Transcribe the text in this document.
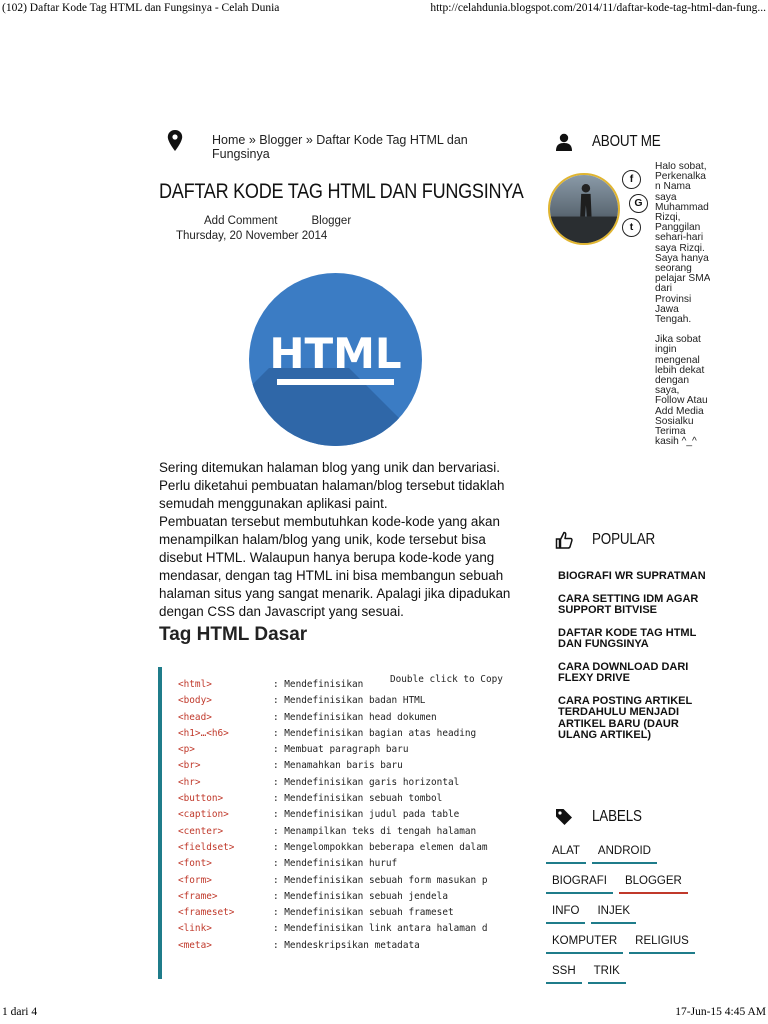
(102) Daftar Kode Tag HTML dan Fungsinya - Celah Dunia	http://celahdunia.blogspot.com/2014/11/daftar-kode-tag-html-dan-fung...
Home » Blogger » Daftar Kode Tag HTML dan Fungsinya
DAFTAR KODE TAG HTML DAN FUNGSINYA
Add Comment	Blogger
Thursday, 20 November 2014
HTML

Sering ditemukan halaman blog yang unik dan bervariasi. Perlu diketahui pembuatan halaman/blog tersebut tidaklah semudah menggunakan aplikasi paint.

Pembuatan tersebut membutuhkan kode-kode yang akan menampilkan halam/blog yang unik, kode tersebut bisa disebut HTML. Walaupun hanya berupa kode-kode yang mendasar, dengan tag HTML ini bisa membangun sebuah halaman situs yang sangat menarik. Apalagi jika dipadukan dengan CSS dan Javascript yang sesuai.

Tag HTML Dasar
Double click to Copy
<html>	: Mendefinisikan
<body>	: Mendefinisikan badan HTML
<head>	: Mendefinisikan head dokumen
<h1>…<h6>	: Mendefinisikan bagian atas heading
<p>	: Membuat paragraph baru
<br>	: Menamahkan baris baru
<hr>	: Mendefinisikan garis horizontal
<button>	: Mendefinisikan sebuah tombol
<caption>	: Mendefinisikan judul pada table
<center>	: Menampilkan teks di tengah halaman
<fieldset>	: Mengelompokkan beberapa elemen dalam
<font>	: Mendefinisikan huruf
<form>	: Mendefinisikan sebuah form masukan p
<frame>	: Mendefinisikan sebuah jendela
<frameset>	: Mendefinisikan sebuah frameset
<link>	: Mendefinisikan link antara halaman d
<meta>	: Mendeskripsikan metadata
ABOUT ME
f
G
t

Halo sobat, Perkenalkan Nama saya Muhammad Rizqi, Panggilan sehari-hari saya Rizqi. Saya hanya seorang pelajar SMA dari Provinsi Jawa Tengah.

Jika sobat ingin mengenal lebih dekat dengan saya, Follow Atau Add Media Sosialku Terima kasih ^_^

POPULAR
BIOGRAFI WR SUPRATMAN
CARA SETTING IDM AGAR SUPPORT BITVISE
DAFTAR KODE TAG HTML DAN FUNGSINYA
CARA DOWNLOAD DARI FLEXY DRIVE
CARA POSTING ARTIKEL TERDAHULU MENJADI ARTIKEL BARU (DAUR ULANG ARTIKEL)
LABELS
ALAT	ANDROID
BIOGRAFI	BLOGGER
INFO	INJEK
KOMPUTER	RELIGIUS
SSH	TRIK
1 dari 4	17-Jun-15 4:45 AM
